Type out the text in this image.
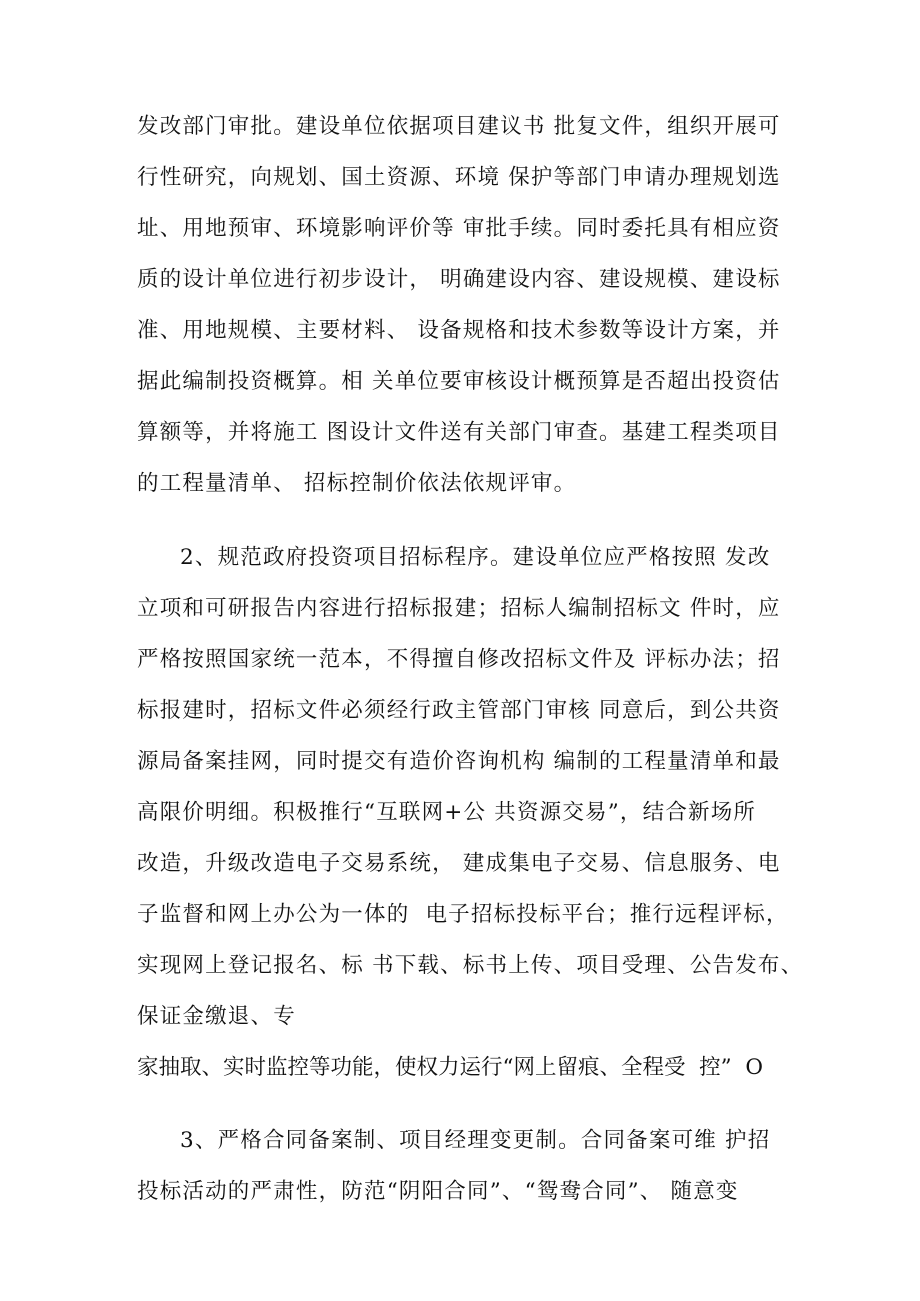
发改部门审批。建设单位依据项目建议书 批复文件，组织开展可
行性研究，向规划、国土资源、环境 保护等部门申请办理规划选
址、用地预审、环境影响评价等 审批手续。同时委托具有相应资
质的设计单位进行初步设计， 明确建设内容、建设规模、建设标
准、用地规模、主要材料、 设备规格和技术参数等设计方案，并
据此编制投资概算。相 关单位要审核设计概预算是否超出投资估
算额等，并将施工 图设计文件送有关部门审查。基建工程类项目
的工程量清单、 招标控制价依法依规评审。
2、规范政府投资项目招标程序。建设单位应严格按照 发改
立项和可研报告内容进行招标报建；招标人编制招标文 件时，应
严格按照国家统一范本，不得擅自修改招标文件及 评标办法；招
标报建时，招标文件必须经行政主管部门审核 同意后，到公共资
源局备案挂网，同时提交有造价咨询机构 编制的工程量清单和最
高限价明细。积极推行“互联网+公 共资源交易”，结合新场所
改造，升级改造电子交易系统， 建成集电子交易、信息服务、电
子监督和网上办公为一体的  电子招标投标平台；推行远程评标，
实现网上登记报名、标 书下载、标书上传、项目受理、公告发布、
保证金缴退、专
家抽取、实时监控等功能，使权力运行“网上留痕、全程受  控”  O
3、严格合同备案制、项目经理变更制。合同备案可维 护招
投标活动的严肃性，防范“阴阳合同”、“鸳鸯合同”、 随意变
